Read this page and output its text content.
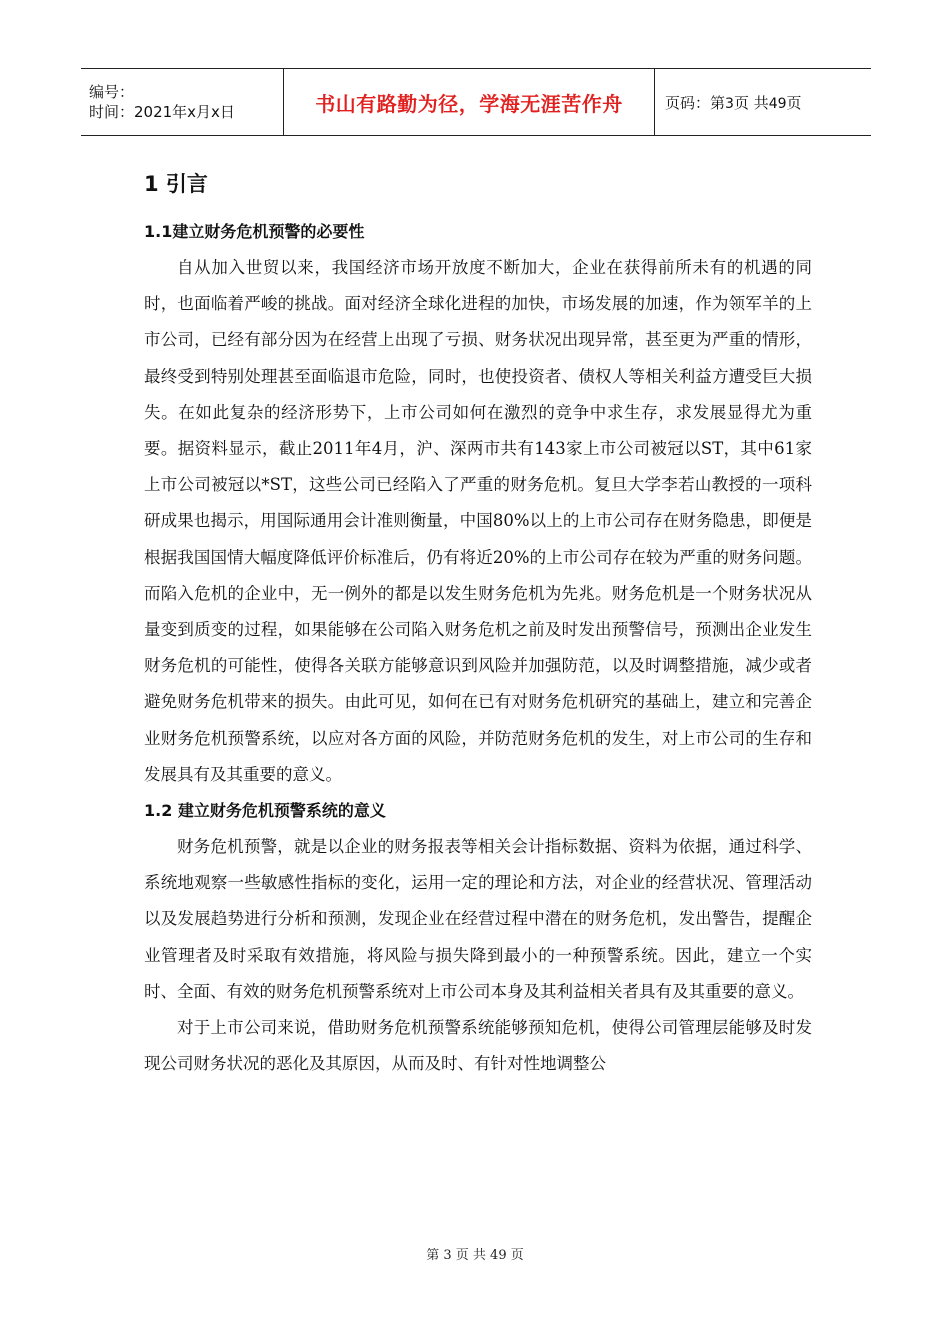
编号：
时间：2021年x月x日	书山有路勤为径，学海无涯苦作舟	页码：第3页 共49页
1 引言
1.1建立财务危机预警的必要性

自从加入世贸以来，我国经济市场开放度不断加大，企业在获得前所未有的机遇的同时，也面临着严峻的挑战。面对经济全球化进程的加快，市场发展的加速，作为领军羊的上市公司，已经有部分因为在经营上出现了亏损、财务状况出现异常，甚至更为严重的情形，最终受到特别处理甚至面临退市危险，同时，也使投资者、债权人等相关利益方遭受巨大损失。在如此复杂的经济形势下，上市公司如何在激烈的竞争中求生存，求发展显得尤为重要。据资料显示，截止2011年4月，沪、深两市共有143家上市公司被冠以ST，其中61家上市公司被冠以*ST，这些公司已经陷入了严重的财务危机。复旦大学李若山教授的一项科研成果也揭示，用国际通用会计准则衡量，中国80%以上的上市公司存在财务隐患，即便是根据我国国情大幅度降低评价标准后，仍有将近20%的上市公司存在较为严重的财务问题。而陷入危机的企业中，无一例外的都是以发生财务危机为先兆。财务危机是一个财务状况从量变到质变的过程，如果能够在公司陷入财务危机之前及时发出预警信号，预测出企业发生财务危机的可能性，使得各关联方能够意识到风险并加强防范，以及时调整措施，减少或者避免财务危机带来的损失。由此可见，如何在已有对财务危机研究的基础上，建立和完善企业财务危机预警系统，以应对各方面的风险，并防范财务危机的发生，对上市公司的生存和发展具有及其重要的意义。

1.2 建立财务危机预警系统的意义

财务危机预警，就是以企业的财务报表等相关会计指标数据、资料为依据，通过科学、系统地观察一些敏感性指标的变化，运用一定的理论和方法，对企业的经营状况、管理活动以及发展趋势进行分析和预测，发现企业在经营过程中潜在的财务危机，发出警告，提醒企业管理者及时采取有效措施，将风险与损失降到最小的一种预警系统。因此，建立一个实时、全面、有效的财务危机预警系统对上市公司本身及其利益相关者具有及其重要的意义。

对于上市公司来说，借助财务危机预警系统能够预知危机，使得公司管理层能够及时发现公司财务状况的恶化及其原因，从而及时、有针对性地调整公

第 3 页 共 49 页
